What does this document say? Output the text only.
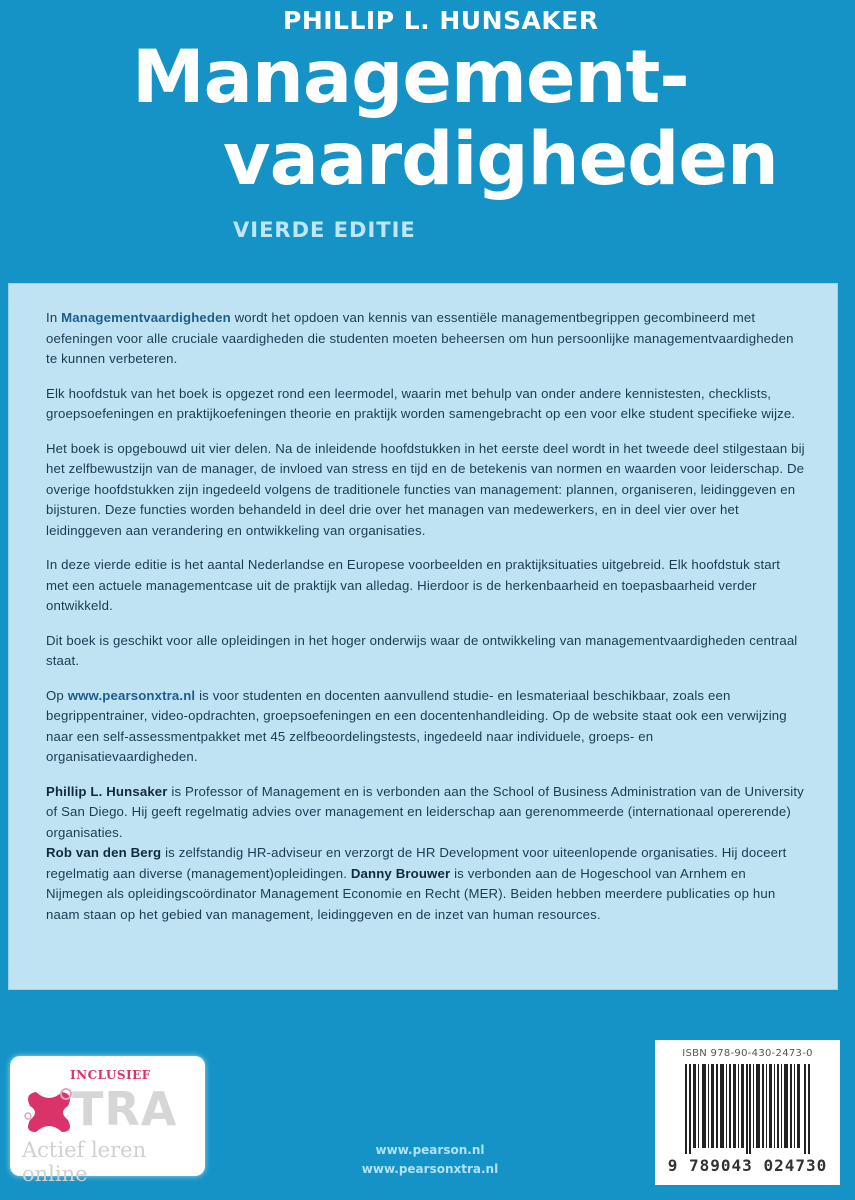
PHILLIP L. HUNSAKER
Management-
vaardigheden
VIERDE EDITIE

In Managementvaardigheden wordt het opdoen van kennis van essentiële managementbegrippen gecombineerd met oefeningen voor alle cruciale vaardigheden die studenten moeten beheersen om hun persoonlijke managementvaardigheden te kunnen verbeteren.

Elk hoofdstuk van het boek is opgezet rond een leermodel, waarin met behulp van onder andere kennistesten, checklists, groepsoefeningen en praktijkoefeningen theorie en praktijk worden samengebracht op een voor elke student specifieke wijze.

Het boek is opgebouwd uit vier delen. Na de inleidende hoofdstukken in het eerste deel wordt in het tweede deel stilgestaan bij het zelfbewustzijn van de manager, de invloed van stress en tijd en de betekenis van normen en waarden voor leiderschap. De overige hoofdstukken zijn ingedeeld volgens de traditionele functies van management: plannen, organiseren, leidinggeven en bijsturen. Deze functies worden behandeld in deel drie over het managen van medewerkers, en in deel vier over het leidinggeven aan verandering en ontwikkeling van organisaties.

In deze vierde editie is het aantal Nederlandse en Europese voorbeelden en praktijksituaties uitgebreid. Elk hoofdstuk start met een actuele managementcase uit de praktijk van alledag. Hierdoor is de herkenbaarheid en toepasbaarheid verder ontwikkeld.

Dit boek is geschikt voor alle opleidingen in het hoger onderwijs waar de ontwikkeling van managementvaardigheden centraal staat.

Op www.pearsonxtra.nl is voor studenten en docenten aanvullend studie- en lesmateriaal beschikbaar, zoals een begrippentrainer, video-opdrachten, groepsoefeningen en een docentenhandleiding. Op de website staat ook een verwijzing naar een self-assessmentpakket met 45 zelfbeoordelingstests, ingedeeld naar individuele, groeps- en organisatievaardigheden.

Phillip L. Hunsaker is Professor of Management en is verbonden aan the School of Business Administration van de University of San Diego. Hij geeft regelmatig advies over management en leiderschap aan gerenommeerde (internationaal opererende) organisaties.

Rob van den Berg is zelfstandig HR-adviseur en verzorgt de HR Development voor uiteenlopende organisaties. Hij doceert regelmatig aan diverse (management)opleidingen. Danny Brouwer is verbonden aan de Hogeschool van Arnhem en Nijmegen als opleidingscoördinator Management Economie en Recht (MER). Beiden hebben meerdere publicaties op hun naam staan op het gebied van management, leidinggeven en de inzet van human resources.

INCLUSIEF
TRA
Actief leren online
www.pearson.nl
www.pearsonxtra.nl
ISBN 978-90-430-2473-0
9 789043 024730
